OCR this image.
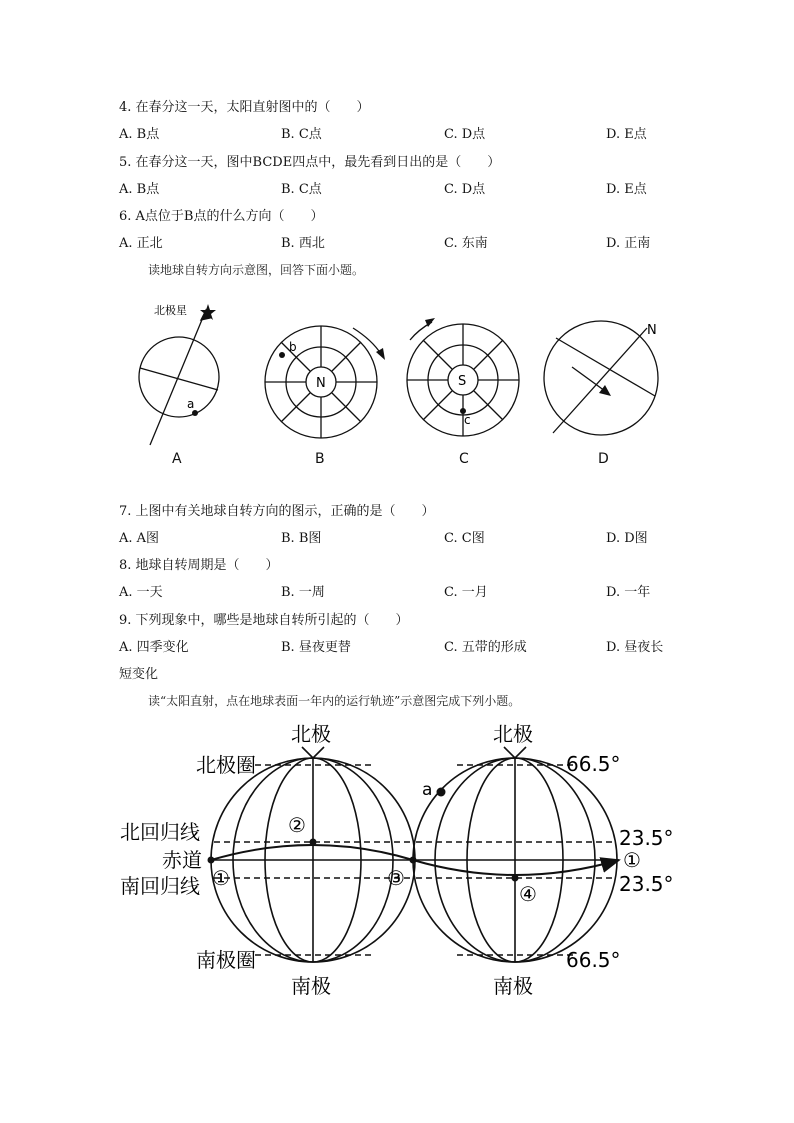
4. 在春分这一天，太阳直射图中的（　　）
A. B点	B. C点	C. D点	D. E点
5. 在春分这一天，图中BCDE四点中，最先看到日出的是（　　）
A. B点	B. C点	C. D点	D. E点
6. A点位于B点的什么方向（　　）
A. 正北	B. 西北	C. 东南	D. 正南
读地球自转方向示意图，回答下面小题。
北极星
a
b
N
c
S
N
A	B	C	D
7. 上图中有关地球自转方向的图示，正确的是（　　）
A. A图	B. B图	C. C图	D. D图
8. 地球自转周期是（　　）
A. 一天	B. 一周	C. 一月	D. 一年
9. 下列现象中，哪些是地球自转所引起的（　　）
A. 四季变化	B. 昼夜更替	C. 五带的形成	D. 昼夜长
短变化
读“太阳直射，点在地球表面一年内的运行轨迹”示意图完成下列小题。
北极	北极
南极	南极
北极圈
北回归线
赤道
南回归线
南极圈
66.5°
23.5°
23.5°
66.5°
a
②
①	③
④
①
